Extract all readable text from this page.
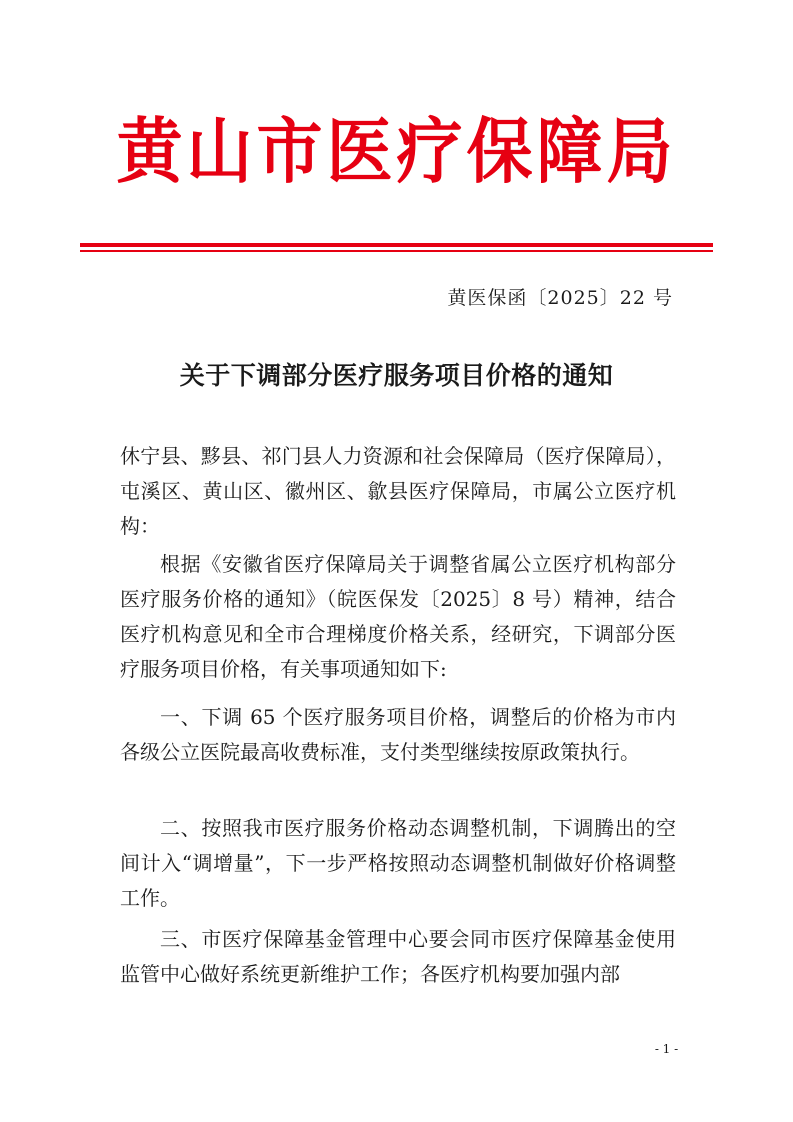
黄山市医疗保障局
黄医保函〔2025〕22 号
关于下调部分医疗服务项目价格的通知

休宁县、黟县、祁门县人力资源和社会保障局（医疗保障局），屯溪区、黄山区、徽州区、歙县医疗保障局，市属公立医疗机构：

根据《安徽省医疗保障局关于调整省属公立医疗机构部分医疗服务价格的通知》（皖医保发〔2025〕8 号）精神，结合医疗机构意见和全市合理梯度价格关系，经研究，下调部分医疗服务项目价格，有关事项通知如下:

一、下调 65 个医疗服务项目价格，调整后的价格为市内各级公立医院最高收费标准，支付类型继续按原政策执行。

二、按照我市医疗服务价格动态调整机制，下调腾出的空间计入“调增量”，下一步严格按照动态调整机制做好价格调整工作。

三、市医疗保障基金管理中心要会同市医疗保障基金使用监管中心做好系统更新维护工作；各医疗机构要加强内部

- 1 -
